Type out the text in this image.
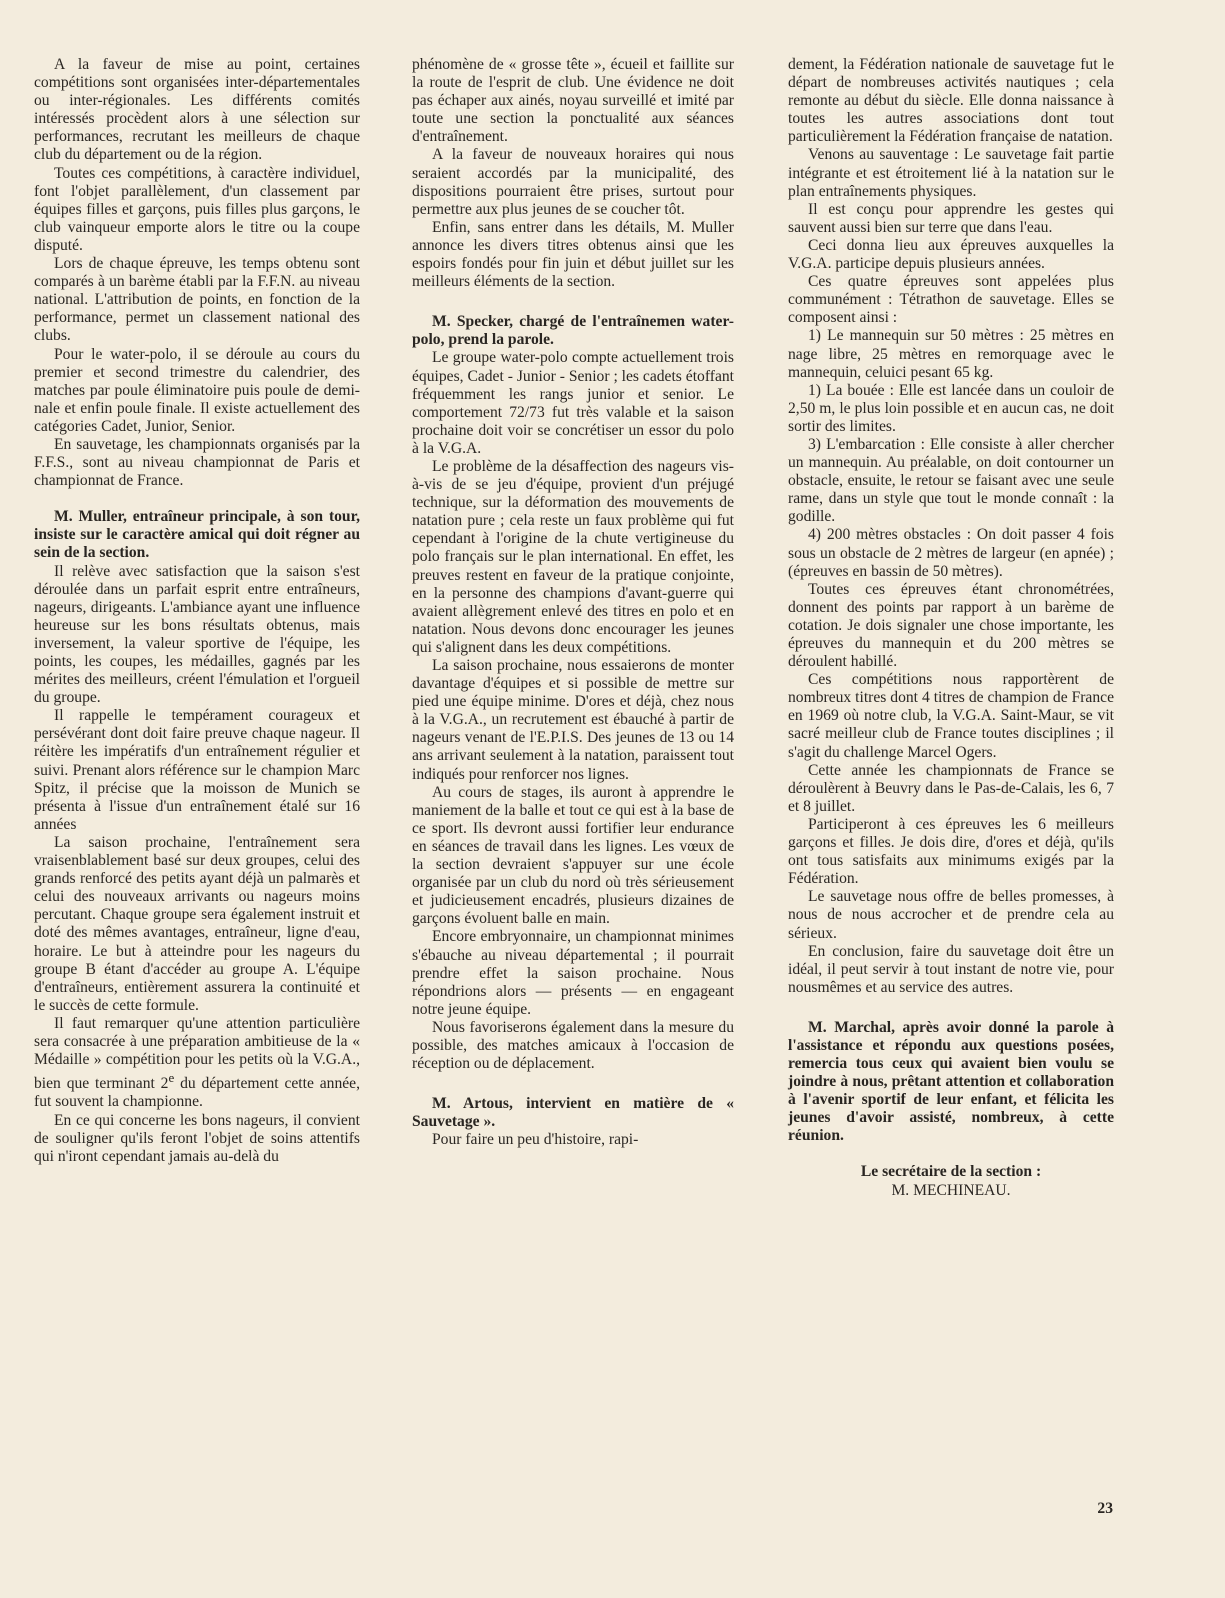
A la faveur de mise au point, certaines compétitions sont organisées inter-départementales ou inter-régionales. Les différents comités intéressés procèdent alors à une sélection sur performances, recrutant les meilleurs de chaque club du département ou de la région.

Toutes ces compétitions, à caractère individuel, font l'objet parallèlement, d'un classement par équipes filles et garçons, puis filles plus garçons, le club vainqueur emporte alors le titre ou la coupe disputé.

Lors de chaque épreuve, les temps obtenu sont comparés à un barème établi par la F.F.N. au niveau national. L'attribution de points, en fonction de la performance, permet un classement national des clubs.

Pour le water-polo, il se déroule au cours du premier et second trimestre du calendrier, des matches par poule éliminatoire puis poule de demi-nale et enfin poule finale. Il existe actuellement des catégories Cadet, Junior, Senior.

En sauvetage, les championnats organisés par la F.F.S., sont au niveau championnat de Paris et championnat de France.

M. Muller, entraîneur principale, à son tour, insiste sur le caractère amical qui doit régner au sein de la section.

Il relève avec satisfaction que la saison s'est déroulée dans un parfait esprit entre entraîneurs, nageurs, dirigeants. L'ambiance ayant une influence heureuse sur les bons résultats obtenus, mais inversement, la valeur sportive de l'équipe, les points, les coupes, les médailles, gagnés par les mérites des meilleurs, créent l'émulation et l'orgueil du groupe.

Il rappelle le tempérament courageux et persévérant dont doit faire preuve chaque nageur. Il réitère les impératifs d'un entraînement régulier et suivi. Prenant alors référence sur le champion Marc Spitz, il précise que la moisson de Munich se présenta à l'issue d'un entraînement étalé sur 16 années

La saison prochaine, l'entraînement sera vraisenblablement basé sur deux groupes, celui des grands renforcé des petits ayant déjà un palmarès et celui des nouveaux arrivants ou nageurs moins percutant. Chaque groupe sera également instruit et doté des mêmes avantages, entraîneur, ligne d'eau, horaire. Le but à atteindre pour les nageurs du groupe B étant d'accéder au groupe A. L'équipe d'entraîneurs, entièrement assurera la continuité et le succès de cette formule.

Il faut remarquer qu'une attention particulière sera consacrée à une préparation ambitieuse de la « Médaille » compétition pour les petits où la V.G.A., bien que terminant 2e du département cette année, fut souvent la championne.

En ce qui concerne les bons nageurs, il convient de souligner qu'ils feront l'objet de soins attentifs qui n'iront cependant jamais au-delà du

phénomène de « grosse tête », écueil et faillite sur la route de l'esprit de club. Une évidence ne doit pas échaper aux ainés, noyau surveillé et imité par toute une section la ponctualité aux séances d'entraînement.

A la faveur de nouveaux horaires qui nous seraient accordés par la municipalité, des dispositions pourraient être prises, surtout pour permettre aux plus jeunes de se coucher tôt.

Enfin, sans entrer dans les détails, M. Muller annonce les divers titres obtenus ainsi que les espoirs fondés pour fin juin et début juillet sur les meilleurs éléments de la section.

M. Specker, chargé de l'entraînemen water-polo, prend la parole.

Le groupe water-polo compte actuellement trois équipes, Cadet - Junior - Senior ; les cadets étoffant fréquemment les rangs junior et senior. Le comportement 72/73 fut très valable et la saison prochaine doit voir se concrétiser un essor du polo à la V.G.A.

Le problème de la désaffection des nageurs vis-à-vis de se jeu d'équipe, provient d'un préjugé technique, sur la déformation des mouvements de natation pure ; cela reste un faux problème qui fut cependant à l'origine de la chute vertigineuse du polo français sur le plan international. En effet, les preuves restent en faveur de la pratique conjointe, en la personne des champions d'avant-guerre qui avaient allègrement enlevé des titres en polo et en natation. Nous devons donc encourager les jeunes qui s'alignent dans les deux compétitions.

La saison prochaine, nous essaierons de monter davantage d'équipes et si possible de mettre sur pied une équipe minime. D'ores et déjà, chez nous à la V.G.A., un recrutement est ébauché à partir de nageurs venant de l'E.P.I.S. Des jeunes de 13 ou 14 ans arrivant seulement à la natation, paraissent tout indiqués pour renforcer nos lignes.

Au cours de stages, ils auront à apprendre le maniement de la balle et tout ce qui est à la base de ce sport. Ils devront aussi fortifier leur endurance en séances de travail dans les lignes. Les vœux de la section devraient s'appuyer sur une école organisée par un club du nord où très sérieusement et judicieusement encadrés, plusieurs dizaines de garçons évoluent balle en main.

Encore embryonnaire, un championnat minimes s'ébauche au niveau départemental ; il pourrait prendre effet la saison prochaine. Nous répondrions alors — présents — en engageant notre jeune équipe.

Nous favoriserons également dans la mesure du possible, des matches amicaux à l'occasion de réception ou de déplacement.

M. Artous, intervient en matière de « Sauvetage ».

Pour faire un peu d'histoire, rapi-

dement, la Fédération nationale de sauvetage fut le départ de nombreuses activités nautiques ; cela remonte au début du siècle. Elle donna naissance à toutes les autres associations dont tout particulièrement la Fédération française de natation.

Venons au sauventage : Le sauvetage fait partie intégrante et est étroitement lié à la natation sur le plan entraînements physiques.

Il est conçu pour apprendre les gestes qui sauvent aussi bien sur terre que dans l'eau.

Ceci donna lieu aux épreuves auxquelles la V.G.A. participe depuis plusieurs années.

Ces quatre épreuves sont appelées plus communément : Tétrathon de sauvetage. Elles se composent ainsi :

1) Le mannequin sur 50 mètres : 25 mètres en nage libre, 25 mètres en remorquage avec le mannequin, celuici pesant 65 kg.

1) La bouée : Elle est lancée dans un couloir de 2,50 m, le plus loin possible et en aucun cas, ne doit sortir des limites.

3) L'embarcation : Elle consiste à aller chercher un mannequin. Au préalable, on doit contourner un obstacle, ensuite, le retour se faisant avec une seule rame, dans un style que tout le monde connaît : la godille.

4) 200 mètres obstacles : On doit passer 4 fois sous un obstacle de 2 mètres de largeur (en apnée) ; (épreuves en bassin de 50 mètres).

Toutes ces épreuves étant chronométrées, donnent des points par rapport à un barème de cotation. Je dois signaler une chose importante, les épreuves du mannequin et du 200 mètres se déroulent habillé.

Ces compétitions nous rapportèrent de nombreux titres dont 4 titres de champion de France en 1969 où notre club, la V.G.A. Saint-Maur, se vit sacré meilleur club de France toutes disciplines ; il s'agit du challenge Marcel Ogers.

Cette année les championnats de France se déroulèrent à Beuvry dans le Pas-de-Calais, les 6, 7 et 8 juillet.

Participeront à ces épreuves les 6 meilleurs garçons et filles. Je dois dire, d'ores et déjà, qu'ils ont tous satisfaits aux minimums exigés par la Fédération.

Le sauvetage nous offre de belles promesses, à nous de nous accrocher et de prendre cela au sérieux.

En conclusion, faire du sauvetage doit être un idéal, il peut servir à tout instant de notre vie, pour nousmêmes et au service des autres.

M. Marchal, après avoir donné la parole à l'assistance et répondu aux questions posées, remercia tous ceux qui avaient bien voulu se joindre à nous, prêtant attention et collaboration à l'avenir sportif de leur enfant, et félicita les jeunes d'avoir assisté, nombreux, à cette réunion.

Le secrétaire de la section :
M. MECHINEAU.
23
